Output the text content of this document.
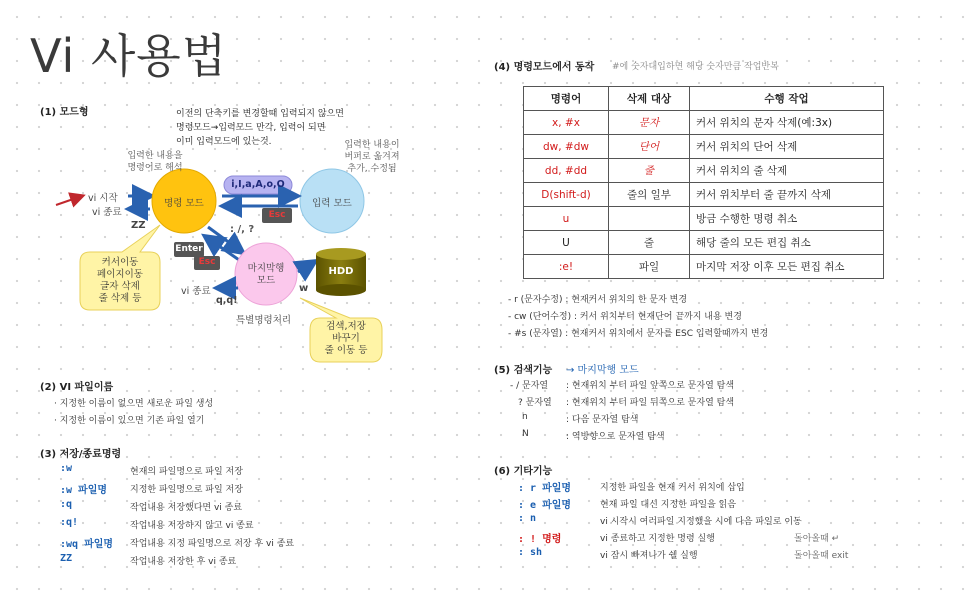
Vi 사용법
(1) 모드형	이전의 단축키를 변경할때 입력되지 않으면
명령모드→입력모드 만각, 입력이 되면
이미 입력모드에 있는것.
입력한 내용을
명령어로 해석
입력한 내용이
버퍼로 옮겨져
추가, 수정됨
vi 시작
vi 종료
ZZ
명령 모드	입력 모드
i,I,a,A,o,O
Esc
Enter
Esc
: /, ?
마지막행
모드
HDD
w
vi 종료
q,q!
특별명령처리
커서이동
페이지이동
글자 삭제
줄 삭제 등
검색,저장
바꾸기
줄 이동 등
(2) VI 파일이름
· 지정한 이름이 없으면 새로운 파일 생성
· 지정한 이름이 있으면 기존 파일 열기
(3) 저장/종료명령
:w	현재의 파일명으로 파일 저장
:w 파일명	지정한 파일명으로 파일 저장
:q	작업내용 저장했다면 vi 종료
:q!	작업내용 저장하지 않고 vi 종료
:wq 파일명 작업내용 지정 파일명으로 저장 후 vi 종료
ZZ	작업내용 저장한 후 vi 종료
(4) 명령모드에서 동작 #에 숫자대입하면 해당 숫자만큼 작업반복
명령어	삭제 대상	수행 작업
x, #x	문자	커서 위치의 문자 삭제(예:3x)
dw, #dw	단어	커서 위치의 단어 삭제
dd, #dd	줄	커서 위치의 줄 삭제
D(shift-d)	줄의 일부	커서 위치부터 줄 끝까지 삭제
u		방금 수행한 명령 취소
U	줄	해당 줄의 모든 편집 취소
:e!	파일	마지막 저장 이후 모든 편집 취소
- r (문자수정) : 현재커서 위치의 한 문자 변경
- cw (단어수정) : 커서 위치부터 현재단어 끝까지 내용 변경
- #s (문자열) : 현재커서 위치에서 문자를 ESC 입력할때까지 변경
(5) 검색기능 → 마지막행 모드
- / 문자열 : 현재위치 부터 파일 앞쪽으로 문자열 탐색
? 문자열 : 현재위치 부터 파일 뒤쪽으로 문자열 탐색
n	: 다음 문자열 탐색
N	: 역방향으로 문자열 탐색
(6) 기타기능
: r 파일명	지정한 파일을 현재 커서 위치에 삽입
: e 파일명	현재 파일 대신 지정한 파일을 읽음
: n	vi 시작시 여러파일 지정했을 시에 다음 파일로 이동
: ! 명령	vi 종료하고 지정한 명령 실행	돌아올때 ↵
: sh	vi 잠시 빠져나가 쉘 실행	돌아올때 exit
